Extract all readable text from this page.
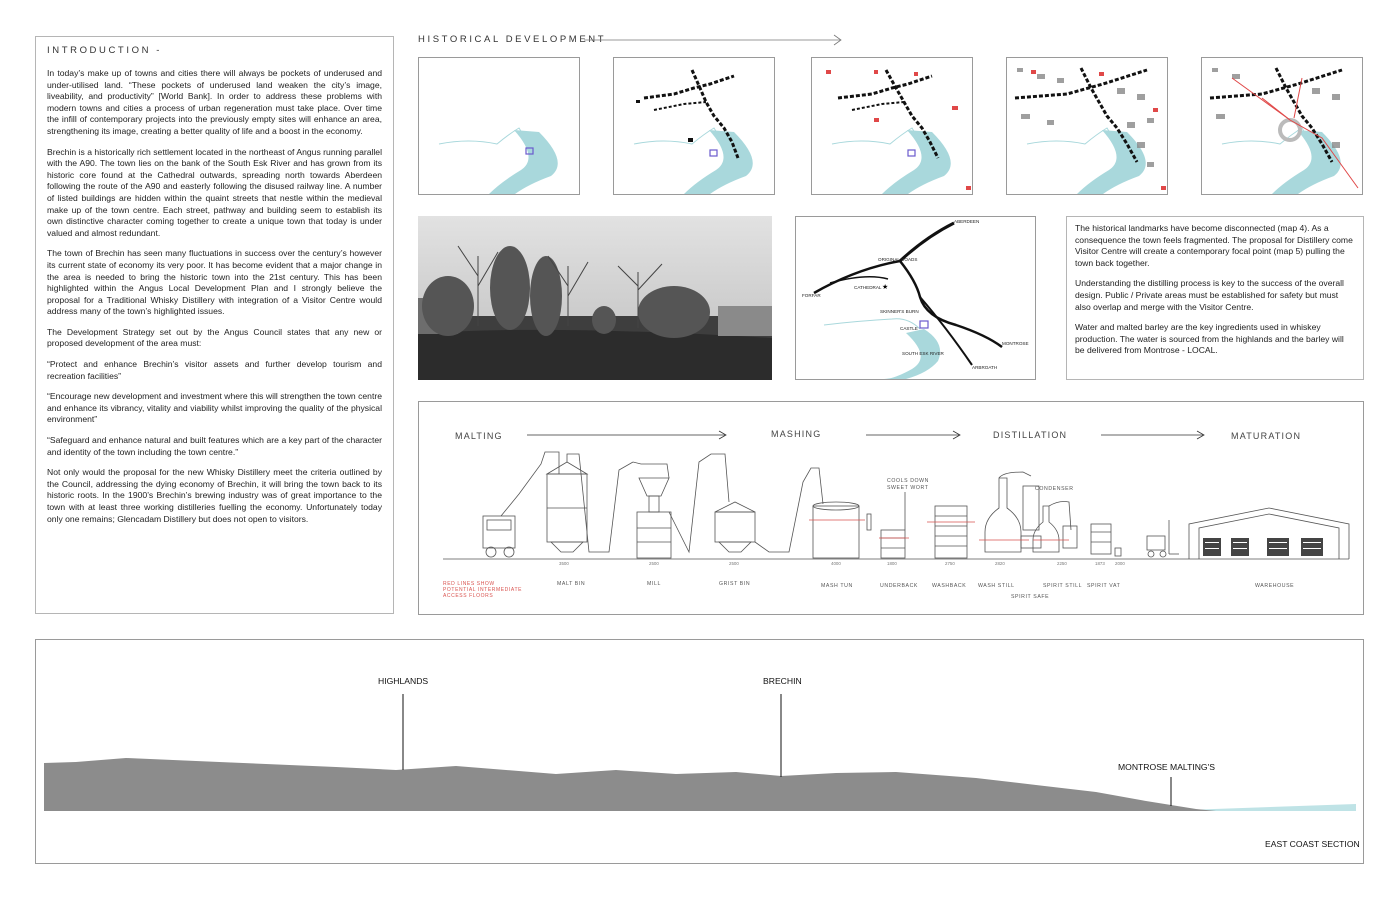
INTRODUCTION -

In today’s make up of towns and cities there will always be pockets of underused and under-utilised land. “These pockets of underused land weaken the city’s image, liveability, and productivity” [World Bank]. In order to address these problems with modern towns and cities a process of urban regeneration must take place. Over time the infill of contemporary projects into the previously empty sites will enhance an area, strengthening its image, creating a better quality of life and a boost in the economy.

Brechin is a historically rich settlement located in the northeast of Angus running parallel with the A90. The town lies on the bank of the South Esk River and has grown from its historic core found at the Cathedral outwards, spreading north towards Aberdeen following the route of the A90 and easterly following the disused railway line. A number of listed buildings are hidden within the quaint streets that nestle within the medieval make up of the town centre. Each street, pathway and building seem to establish its own distinctive character coming together to create a unique town that today is under valued and almost redundant.

The town of Brechin has seen many fluctuations in success over the century’s however its current state of economy its very poor. It has become evident that a major change in the area is needed to bring the historic town into the 21st century. This has been highlighted within the Angus Local Development Plan and I strongly believe the proposal for a Traditional Whisky Distillery with integration of a Visitor Centre would address many of the town’s highlighted issues.

The Development Strategy set out by the Angus Council states that any new or proposed development of the area must:

“Protect and enhance Brechin’s visitor assets and further develop tourism and recreation facilities”

“Encourage new development and investment where this will strengthen the town centre and enhance its vibrancy, vitality and viability whilst improving the quality of the physical environment”

“Safeguard and enhance natural and built features which are a key part of the character and identity of the town including the town centre.”

Not only would the proposal for the new Whisky Distillery meet the criteria outlined by the Council, addressing the dying economy of Brechin, it will bring the town back to its historic roots. In the 1900’s Brechin’s brewing industry was of great importance to the town with at least three working distilleries fuelling the economy. Unfortunately today only one remains; Glencadam Distillery but does not open to visitors.

HISTORICAL DEVELOPMENT
★
ABERDEEN
ORIGINAL ROADS
FORFAR
CATHEDRAL
SKINNER'S BURN
CASTLE
SOUTH ESK RIVER
MONTROSE
ARBROATH

The historical landmarks have become disconnected (map 4). As a consequence the town feels fragmented. The proposal for Distillery come Visitor Centre will create a contemporary focal point (map 5) pulling the town back together.

Understanding the distilling process is key to the success of the overall design. Public / Private areas must be established for safety but must also overlap and merge with the Visitor Centre.

Water and malted barley are the key ingredients used in whiskey production. The water is sourced from the highlands and the barley will be delivered from Montrose - LOCAL.

MALTING	MASHING	DISTILLATION	MATURATION
MALT BIN	MILL	GRIST BIN	MASH TUN	UNDERBACK	WASHBACK WASH STILL	SPIRIT STILL SPIRIT VAT	WAREHOUSE
SPIRIT SAFE
COOLS DOWN
SWEET WORT	CONDENSER
3500	2500	2500	4000	1800	2750	2820	2250	1873 2000
RED LINES SHOW
POTENTIAL INTERMEDIATE
ACCESS FLOORS
HIGHLANDS	BRECHIN
MONTROSE MALTING'S
EAST COAST SECTION
